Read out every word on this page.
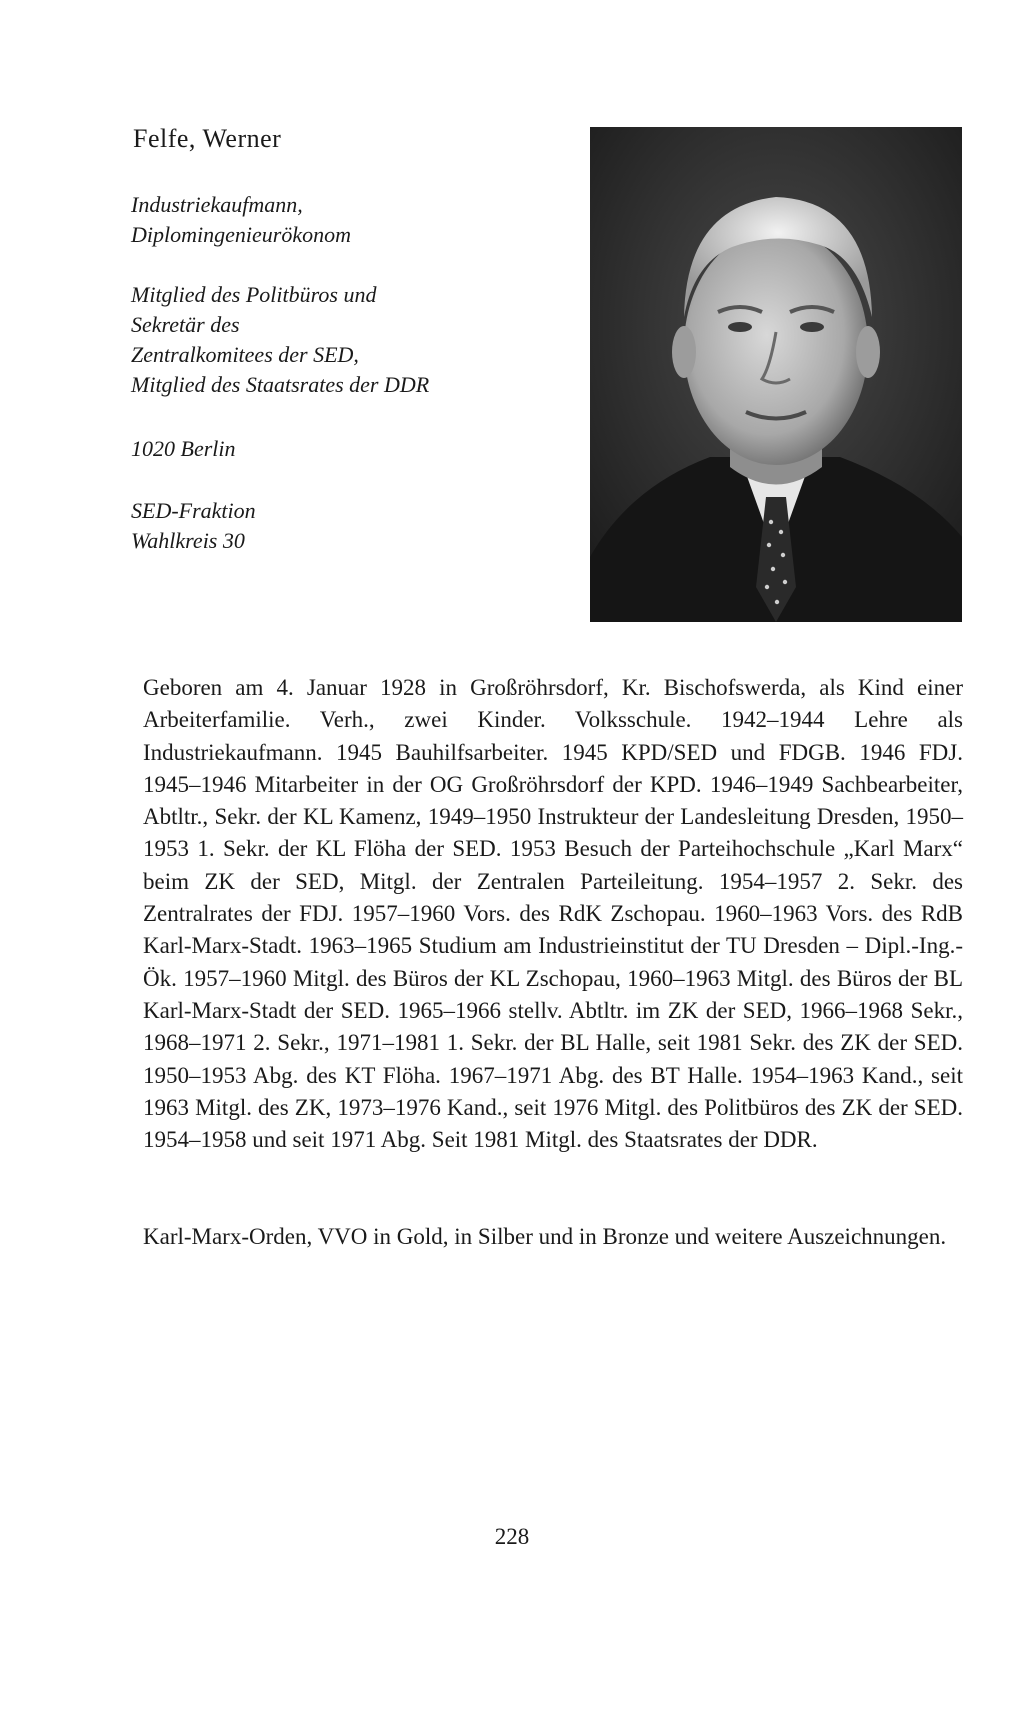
Felfe, Werner
Industriekaufmann,
Diplomingenieurökonom
Mitglied des Politbüros und
Sekretär des
Zentralkomitees der SED,
Mitglied des Staatsrates der DDR
1020 Berlin
SED-Fraktion
Wahlkreis 30

Geboren am 4. Januar 1928 in Großröhrsdorf, Kr. Bischofswerda, als Kind einer Arbeiterfamilie. Verh., zwei Kinder. Volksschule. 1942–1944 Lehre als Industriekaufmann. 1945 Bauhilfsarbeiter. 1945 KPD/SED und FDGB. 1946 FDJ. 1945–1946 Mitarbeiter in der OG Großröhrsdorf der KPD. 1946–1949 Sachbearbeiter, Abtltr., Sekr. der KL Kamenz, 1949–1950 Instrukteur der Landesleitung Dresden, 1950–1953 1. Sekr. der KL Flöha der SED. 1953 Besuch der Parteihochschule „Karl Marx“ beim ZK der SED, Mitgl. der Zentralen Parteileitung. 1954–1957 2. Sekr. des Zentralrates der FDJ. 1957–1960 Vors. des RdK Zschopau. 1960–1963 Vors. des RdB Karl-Marx-Stadt. 1963–1965 Studium am Industrieinstitut der TU Dresden – Dipl.-Ing.-Ök. 1957–1960 Mitgl. des Büros der KL Zschopau, 1960–1963 Mitgl. des Büros der BL Karl-Marx-Stadt der SED. 1965–1966 stellv. Abtltr. im ZK der SED, 1966–1968 Sekr., 1968–1971 2. Sekr., 1971–1981 1. Sekr. der BL Halle, seit 1981 Sekr. des ZK der SED. 1950–1953 Abg. des KT Flöha. 1967–1971 Abg. des BT Halle. 1954–1963 Kand., seit 1963 Mitgl. des ZK, 1973–1976 Kand., seit 1976 Mitgl. des Politbüros des ZK der SED. 1954–1958 und seit 1971 Abg. Seit 1981 Mitgl. des Staatsrates der DDR.

Karl-Marx-Orden, VVO in Gold, in Silber und in Bronze und weitere Auszeichnungen.

228
